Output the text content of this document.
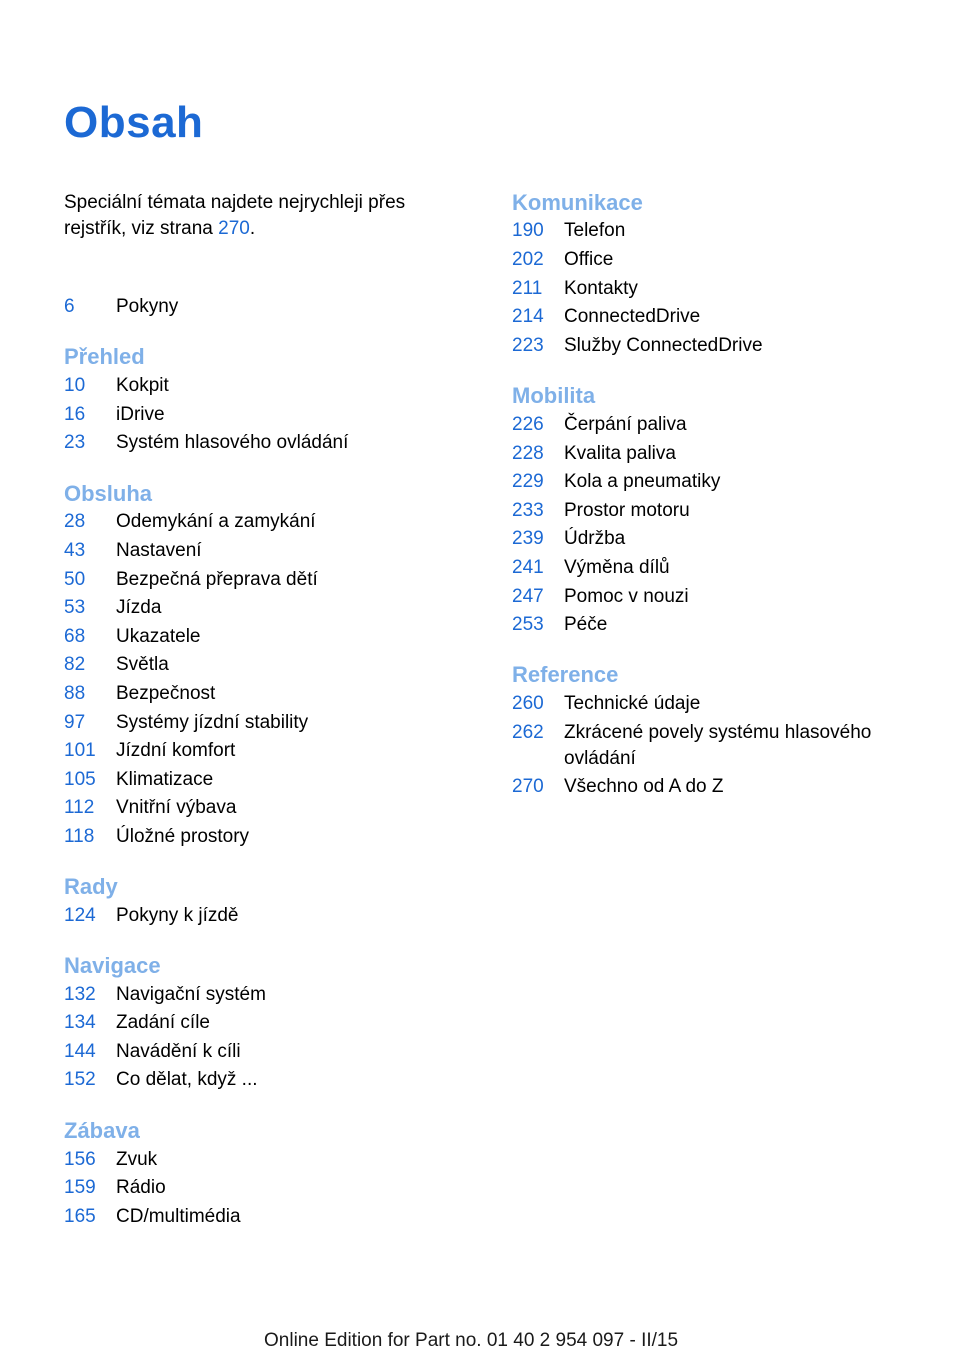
Obsah

Speciální témata najdete nejrychleji přes rejstřík, viz strana 270.

6	Pokyny
Přehled
10	Kokpit
16	iDrive
23	Systém hlasového ovládání
Obsluha
28	Odemykání a zamykání
43	Nastavení
50	Bezpečná přeprava dětí
53	Jízda
68	Ukazatele
82	Světla
88	Bezpečnost
97	Systémy jízdní stability
101	Jízdní komfort
105	Klimatizace
112	Vnitřní výbava
118	Úložné prostory
Rady
124	Pokyny k jízdě
Navigace
132	Navigační systém
134	Zadání cíle
144	Navádění k cíli
152	Co dělat, když ...
Zábava
156	Zvuk
159	Rádio
165	CD/multimédia
Komunikace
190	Telefon
202	Office
211	Kontakty
214	ConnectedDrive
223	Služby ConnectedDrive
Mobilita
226	Čerpání paliva
228	Kvalita paliva
229	Kola a pneumatiky
233	Prostor motoru
239	Údržba
241	Výměna dílů
247	Pomoc v nouzi
253	Péče
Reference
260	Technické údaje
262	Zkrácené povely systému hlasového ovládání
270	Všechno od A do Z
Online Edition for Part no. 01 40 2 954 097 - II/15
